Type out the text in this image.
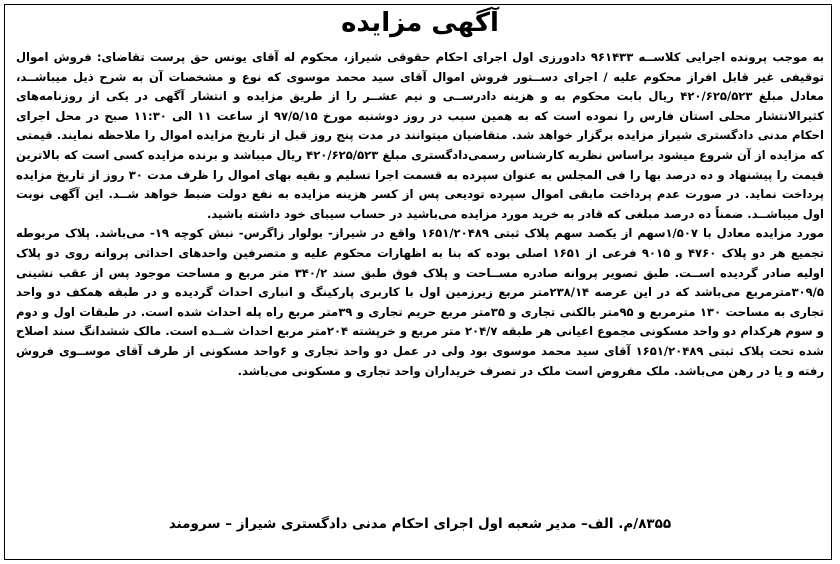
آگهی مزایده

به موجب پرونده اجرایی کلاســه ۹۶۱۴۳۳ دادورزی اول اجرای احکام حقوقی شیراز، محکوم له آقای یونس حق پرست تقاضای: فروش اموال توقیفی غیر قابل افراز محکوم علیه / اجرای دســتور فروش اموال آقای سید محمد موسوی که نوع و مشخصات آن به شرح ذیل میباشــد، معادل مبلغ ۴۲۰/۶۲۵/۵۲۳ ریال بابت محکوم به و هزینه دادرســی و نیم عشــر را از طریق مزایده و انتشار آگهی در یکی از روزنامه‌های کثیرالانتشار محلی استان فارس را نموده است که به همین سبب در روز دوشنبه مورخ ۹۷/۵/۱۵ از ساعت ۱۱ الی ۱۱:۳۰ صبح در محل اجرای احکام مدنی دادگستری شیراز مزایده برگزار خواهد شد. متقاضیان میتوانند در مدت پنج روز قبل از تاریخ مزایده اموال را ملاحظه نمایند. قیمتی که مزایده از آن شروع میشود براساس نظریه کارشناس رسمی‌دادگستری مبلغ ۴۲۰/۶۲۵/۵۲۳ ریال میباشد و برنده مزایده کسی است که بالاترین قیمت را پیشنهاد و ده درصد بها را فی المجلس به عنوان سپرده به قسمت اجرا تسلیم و بقیه بهای اموال را ظرف مدت ۳۰ روز از تاریخ مزایده پرداخت نماید. در صورت عدم پرداخت مابقی اموال سپرده تودیعی پس از کسر هزینه مزایده به نفع دولت ضبط خواهد شــد. این آگهی نوبت اول میباشــد. ضمناً ده درصد مبلغی که قادر به خرید مورد مزایده می‌باشید در حساب سیبای خود داشته باشید.

مورد مزایده معادل با ۱/۵۰۷سهم از یکصد سهم پلاک ثبتی ۱۶۵۱/۲۰۴۸۹ واقع در شیراز- بولوار زاگرس- نبش کوچه ۱۹- می‌باشد. پلاک مربوطه تجمیع هر دو پلاک ۴۷۶۰ و ۹۰۱۵ فرعی از ۱۶۵۱ اصلی بوده که بنا به اظهارات محکوم علیه و متصرفین واحدهای احداثی پروانه روی دو پلاک اولیه صادر گردیده اســت. طبق تصویر پروانه صادره مســاحت و پلاک فوق طبق سند ۳۴۰/۲ متر مربع و مساحت موجود پس از عقب نشینی ۳۰۹/۵متر‌مربع می‌باشد که در این عرصه ۲۳۸/۱۴متر مربع زیرزمین اول با کاربری پارکینگ و انباری احداث گردیده و در طبقه همکف دو واحد تجاری به مساحت ۱۳۰ مترمربع و ۹۵متر بالکنی تجاری و ۳۵متر مربع حریم تجاری و ۳۹متر مربع راه پله احداث شده است. در طبقات اول و دوم و سوم هرکدام دو واحد مسکونی مجموع اعیانی هر طبقه ۲۰۴/۷ متر مربع و خرپشته ۲۰۴متر مربع احداث شــده است. مالک ششدانگ سند اصلاح شده تحت پلاک ثبتی ۱۶۵۱/۲۰۴۸۹ آقای سید محمد موسوی بود ولی در عمل دو واحد تجاری و ۶واحد مسکونی از طرف آقای موســوی فروش رفته و یا در رهن می‌باشد. ملک مفروض است ملک در تصرف خریداران واحد تجاری و مسکونی می‌باشد.

۸۳۵۵/م. الف– مدیر شعبه اول اجرای احکام مدنی دادگستری شیراز – سرومند
